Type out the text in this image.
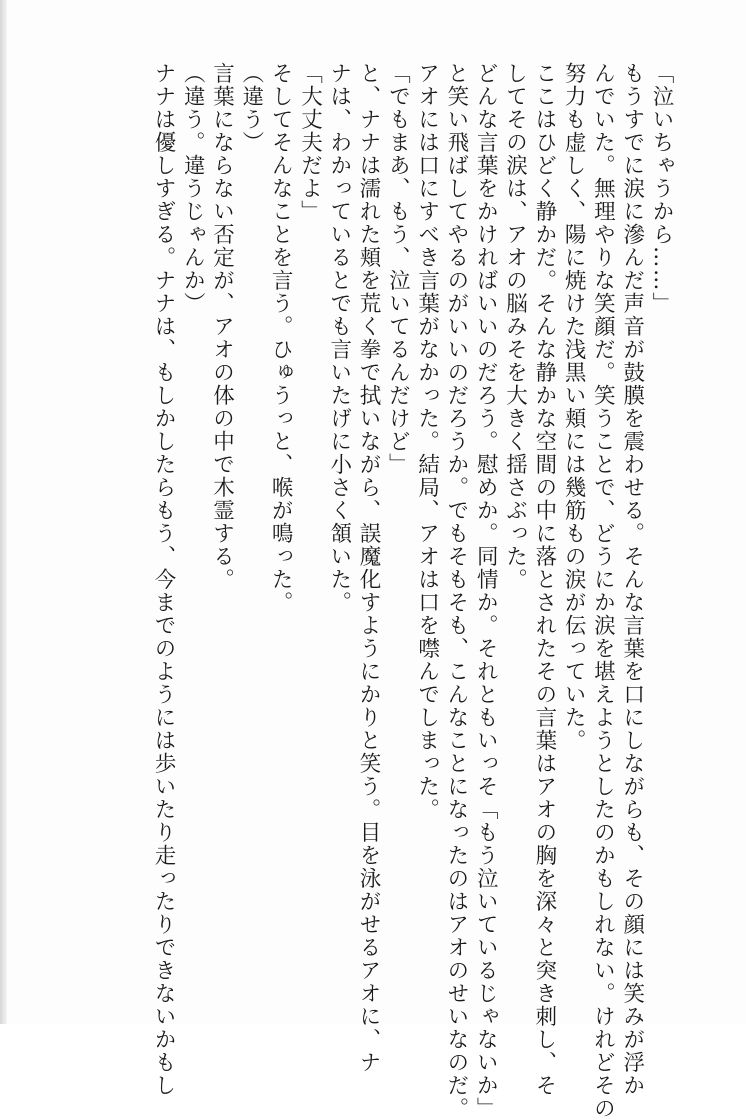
「泣いちゃうから……」
もうすでに涙に滲んだ声音が鼓膜を震わせる。そんな言葉を口にしながらも、その顔には笑みが浮か
んでいた。無理やりな笑顔だ。笑うことで、どうにか涙を堪えようとしたのかもしれない。けれどその
努力も虚しく、陽に焼けた浅黒い頬には幾筋もの涙が伝っていた。
ここはひどく静かだ。そんな静かな空間の中に落とされたその言葉はアオの胸を深々と突き刺し、そ
してその涙は、アオの脳みそを大きく揺さぶった。
どんな言葉をかければいいのだろう。慰めか。同情か。それともいっそ「もう泣いているじゃないか」
と笑い飛ばしてやるのがいいのだろうか。でもそもそも、こんなことになったのはアオのせいなのだ。
アオには口にすべき言葉がなかった。結局、アオは口を噤んでしまった。
「でもまあ、もう、泣いてるんだけど」
と、ナナは濡れた頬を荒く拳で拭いながら、誤魔化すようにかりと笑う。目を泳がせるアオに、ナ
ナは、わかっているとでも言いたげに小さく頷いた。
「大丈夫だよ」
そしてそんなことを言う。ひゅうっと、喉が鳴った。
（違う）
言葉にならない否定が、アオの体の中で木霊する。
（違う。違うじゃんか）
ナナは優しすぎる。ナナは、もしかしたらもう、今までのようには歩いたり走ったりできないかもし
